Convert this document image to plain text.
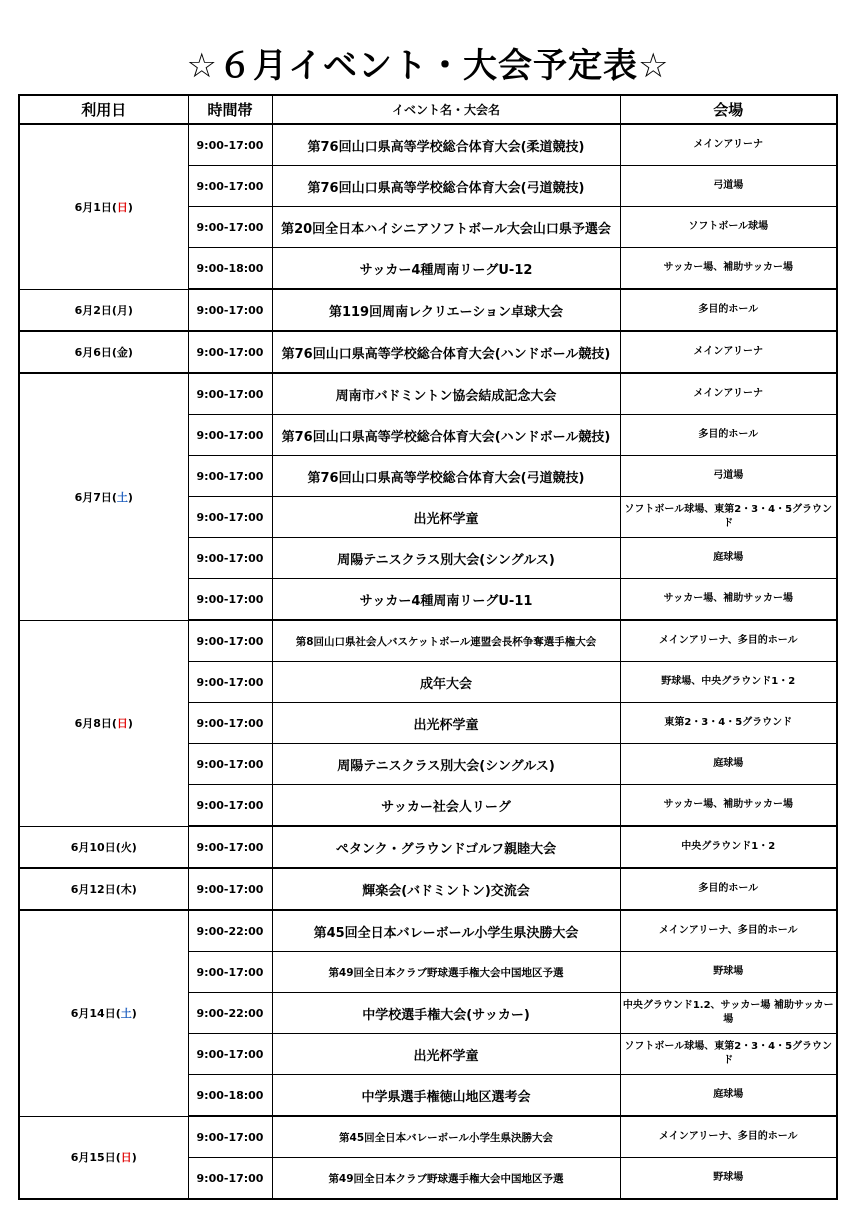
☆６月イベント・大会予定表☆
利用日	時間帯	イベント名・大会名	会場
6月1日(日)	9:00-17:00	第76回山口県高等学校総合体育大会(柔道競技)	メインアリーナ
	9:00-17:00	第76回山口県高等学校総合体育大会(弓道競技)	弓道場
	9:00-17:00	第20回全日本ハイシニアソフトボール大会山口県予選会	ソフトボール球場
	9:00-18:00	サッカー4種周南リーグU-12	サッカー場、補助サッカー場
6月2日(月)	9:00-17:00	第119回周南レクリエーション卓球大会	多目的ホール
6月6日(金)	9:00-17:00	第76回山口県高等学校総合体育大会(ハンドボール競技)	メインアリーナ
6月7日(土)	9:00-17:00	周南市バドミントン協会結成記念大会	メインアリーナ
	9:00-17:00	第76回山口県高等学校総合体育大会(ハンドボール競技)	多目的ホール
	9:00-17:00	第76回山口県高等学校総合体育大会(弓道競技)	弓道場
	9:00-17:00	出光杯学童	ソフトボール球場、東第2・3・4・5グラウンド
	9:00-17:00	周陽テニスクラス別大会(シングルス)	庭球場
	9:00-17:00	サッカー4種周南リーグU-11	サッカー場、補助サッカー場
6月8日(日)	9:00-17:00	第8回山口県社会人バスケットボール連盟会長杯争奪選手権大会	メインアリーナ、多目的ホール
	9:00-17:00	成年大会	野球場、中央グラウンド1・2
	9:00-17:00	出光杯学童	東第2・3・4・5グラウンド
	9:00-17:00	周陽テニスクラス別大会(シングルス)	庭球場
	9:00-17:00	サッカー社会人リーグ	サッカー場、補助サッカー場
6月10日(火)	9:00-17:00	ペタンク・グラウンドゴルフ親睦大会	中央グラウンド1・2
6月12日(木)	9:00-17:00	輝楽会(バドミントン)交流会	多目的ホール
6月14日(土)	9:00-22:00	第45回全日本バレーボール小学生県決勝大会	メインアリーナ、多目的ホール
	9:00-17:00	第49回全日本クラブ野球選手権大会中国地区予選	野球場
	9:00-22:00	中学校選手権大会(サッカー)	中央グラウンド1.2、サッカー場 補助サッカー場
	9:00-17:00	出光杯学童	ソフトボール球場、東第2・3・4・5グラウンド
	9:00-18:00	中学県選手権徳山地区選考会	庭球場
6月15日(日)	9:00-17:00	第45回全日本バレーボール小学生県決勝大会	メインアリーナ、多目的ホール
	9:00-17:00	第49回全日本クラブ野球選手権大会中国地区予選	野球場
